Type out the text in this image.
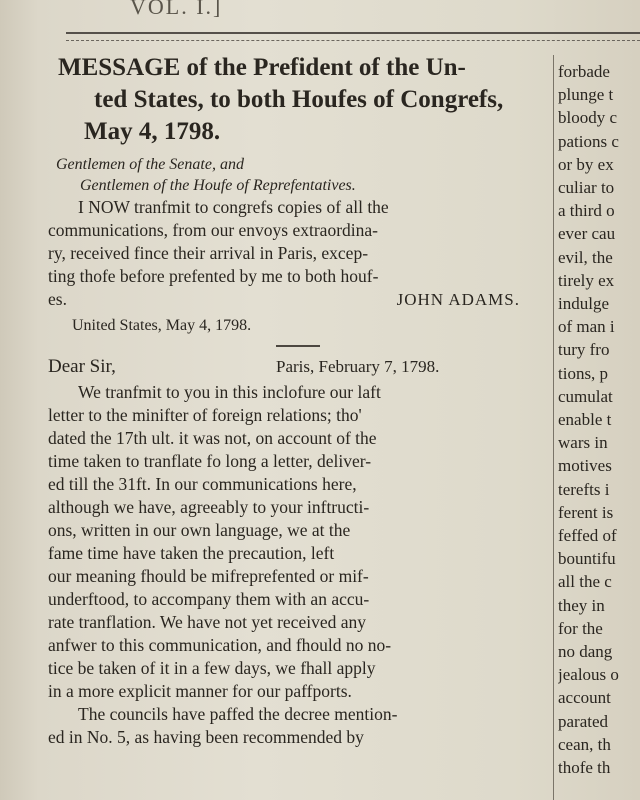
VOL. I.]
MESSAGE of the Prefident of the Un-
ted States, to both Houfes of Congrefs,
May 4, 1798.
Gentlemen of the Senate, and
Gentlemen of the Houfe of Reprefentatives.
I NOW tranfmit to congrefs copies of all the
communications, from our envoys extraordina-
ry, received fince their arrival in Paris, excep-
ting thofe before prefented by me to both houf-
es.	JOHN ADAMS.
United States, May 4, 1798.
Dear Sir,	Paris, February 7, 1798.
We tranfmit to you in this inclofure our laft
letter to the minifter of foreign relations; tho'
dated the 17th ult. it was not, on account of the
time taken to tranflate fo long a letter, deliver-
ed till the 31ft. In our communications here,
although we have, agreeably to your inftructi-
ons, written in our own language, we at the
fame time have taken the precaution, left
our meaning fhould be mifreprefented or mif-
underftood, to accompany them with an accu-
rate tranflation. We have not yet received any
anfwer to this communication, and fhould no no-
tice be taken of it in a few days, we fhall apply
in a more explicit manner for our paffports.
The councils have paffed the decree mention-
ed in No. 5, as having been recommended by
forbade
plunge t
bloody c
pations c
or by ex
culiar to
a third o
ever cau
evil, the
tirely ex
indulge
of man i
tury fro
tions, p
cumulat
enable t
wars in
motives
terefts i
ferent is
feffed of
bountifu
all the c
they in
for the
no dang
jealous o
account
parated
cean, th
thofe th
